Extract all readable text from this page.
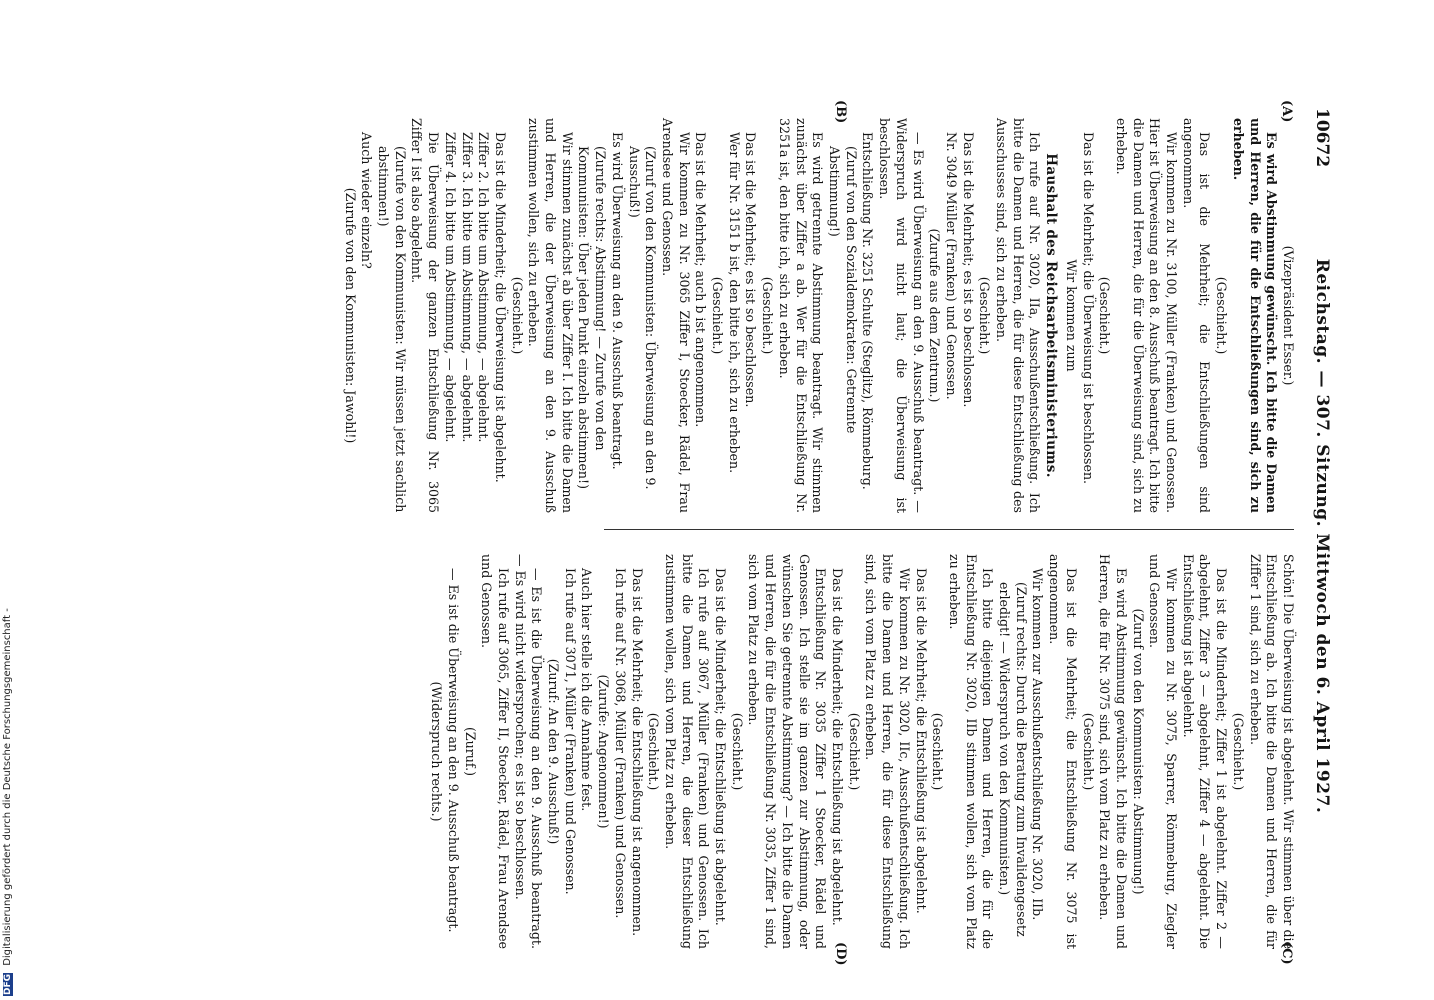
10672
Reichstag. — 307. Sitzung. Mittwoch den 6. April 1927.
(A)
(B)
(C)
(D)

(Vizepräsident Esser.)

Es wird Abstimmung gewünscht. Ich bitte die Damen und Herren, die für die Entschließungen sind, sich zu erheben.

(Geschieht.)

Das ist die Mehrheit; die Entschließungen sind angenommen.

Wir kommen zu Nr. 3100, Müller (Franken) und Genossen. Hier ist Überweisung an den 8. Ausschuß beantragt. Ich bitte die Damen und Herren, die für die Überweisung sind, sich zu erheben.

(Geschieht.)

Das ist die Mehrheit; die Überweisung ist beschlossen.

Wir kommen zum

Haushalt des Reichsarbeitsministeriums.

Ich rufe auf Nr. 3020, IIa, Ausschußentschließung. Ich bitte die Damen und Herren, die für diese Entschließung des Ausschusses sind, sich zu erheben.

(Geschieht.)

Das ist die Mehrheit; es ist so beschlossen.

Nr. 3049 Müller (Franken) und Genossen.

(Zurufe aus dem Zentrum.)

— Es wird Überweisung an den 9. Ausschuß beantragt. — Widerspruch wird nicht laut; die Überweisung ist beschlossen.

Entschließung Nr. 3251 Schulte (Steglitz), Römmeburg.

(Zuruf von den Sozialdemokraten: Getrennte Abstimmung!)

Es wird getrennte Abstimmung beantragt. Wir stimmen zunächst über Ziffer a ab. Wer für die Entschließung Nr. 3251a ist, den bitte ich, sich zu erheben.

(Geschieht.)

Das ist die Mehrheit; es ist so beschlossen.

Wer für Nr. 3151 b ist, den bitte ich, sich zu erheben.

(Geschieht.)

Das ist die Mehrheit; auch b ist angenommen.

Wir kommen zu Nr. 3065 Ziffer I, Stoecker, Rädel, Frau Arendsee und Genossen.

(Zuruf von den Kommunisten: Überweisung an den 9. Ausschuß!)

Es wird Überweisung an den 9. Ausschuß beantragt.

(Zurufe rechts: Abstimmung! — Zurufe von den Kommunisten: Über jeden Punkt einzeln abstimmen!)

Wir stimmen zunächst ab über Ziffer I. Ich bitte die Damen und Herren, die der Überweisung an den 9. Ausschuß zustimmen wollen, sich zu erheben.

(Geschieht.)

Das ist die Minderheit; die Überweisung ist abgelehnt.

Ziffer 2. Ich bitte um Abstimmung, — abgelehnt.

Ziffer 3. Ich bitte um Abstimmung, — abgelehnt.

Ziffer 4. Ich bitte um Abstimmung, — abgelehnt.

Die Überweisung der ganzen Entschließung Nr. 3065 Ziffer I ist also abgelehnt.

(Zurufe von den Kommunisten: Wir müssen jetzt sachlich abstimmen!)

Auch wieder einzeln?

(Zurufe von den Kommunisten: Jawohl!)

Schön! Die Überweisung ist abgelehnt. Wir stimmen über die Entschließung ab. Ich bitte die Damen und Herren, die für Ziffer 1 sind, sich zu erheben.

(Geschieht.)

Das ist die Minderheit; Ziffer 1 ist abgelehnt. Ziffer 2 — abgelehnt, Ziffer 3 — abgelehnt, Ziffer 4 — abgelehnt. Die Entschließung ist abgelehnt.

Wir kommen zu Nr. 3075, Sparrer, Römmeburg, Ziegler und Genossen.

(Zuruf von den Kommunisten: Abstimmung!)

Es wird Abstimmung gewünscht. Ich bitte die Damen und Herren, die für Nr. 3075 sind, sich vom Platz zu erheben.

(Geschieht.)

Das ist die Mehrheit; die Entschließung Nr. 3075 ist angenommen.

Wir kommen zur Ausschußentschließung Nr. 3020, IIb.

(Zuruf rechts: Durch die Beratung zum Invalidengesetz erledigt! — Widerspruch von den Kommunisten.)

Ich bitte diejenigen Damen und Herren, die für die Entschließung Nr. 3020, IIb stimmen wollen, sich vom Platz zu erheben.

(Geschieht.)

Das ist die Mehrheit; die Entschließung ist abgelehnt.

Wir kommen zu Nr. 3020, IIc, Ausschußentschließung. Ich bitte die Damen und Herren, die für diese Entschließung sind, sich vom Platz zu erheben.

(Geschieht.)

Das ist die Minderheit; die Entschließung ist abgelehnt.

Entschließung Nr. 3035 Ziffer 1 Stoecker, Rädel und Genossen. Ich stelle sie im ganzen zur Abstimmung, oder wünschen Sie getrennte Abstimmung? — Ich bitte die Damen und Herren, die für die Entschließung Nr. 3035, Ziffer 1 sind, sich vom Platz zu erheben.

(Geschieht.)

Das ist die Minderheit; die Entschließung ist abgelehnt.

Ich rufe auf 3067, Müller (Franken) und Genossen. Ich bitte die Damen und Herren, die dieser Entschließung zustimmen wollen, sich vom Platz zu erheben.

(Geschieht.)

Das ist die Mehrheit; die Entschließung ist angenommen.

Ich rufe auf Nr. 3068, Müller (Franken) und Genossen.

(Zurufe: Angenommen!)

Auch hier stelle ich die Annahme fest.

Ich rufe auf 3071, Müller (Franken) und Genossen.

(Zuruf: An den 9. Ausschuß!)

— Es ist die Überweisung an den 9. Ausschuß beantragt. — Es wird nicht widersprochen; es ist so beschlossen.

Ich rufe auf 3065, Ziffer II, Stoecker, Rädel, Frau Arendsee und Genossen.

(Zuruf.)

— Es ist die Überweisung an den 9. Ausschuß beantragt.

(Widerspruch rechts.)

DFG Digitalisierung gefördert durch die Deutsche Forschungsgemeinschaft -
